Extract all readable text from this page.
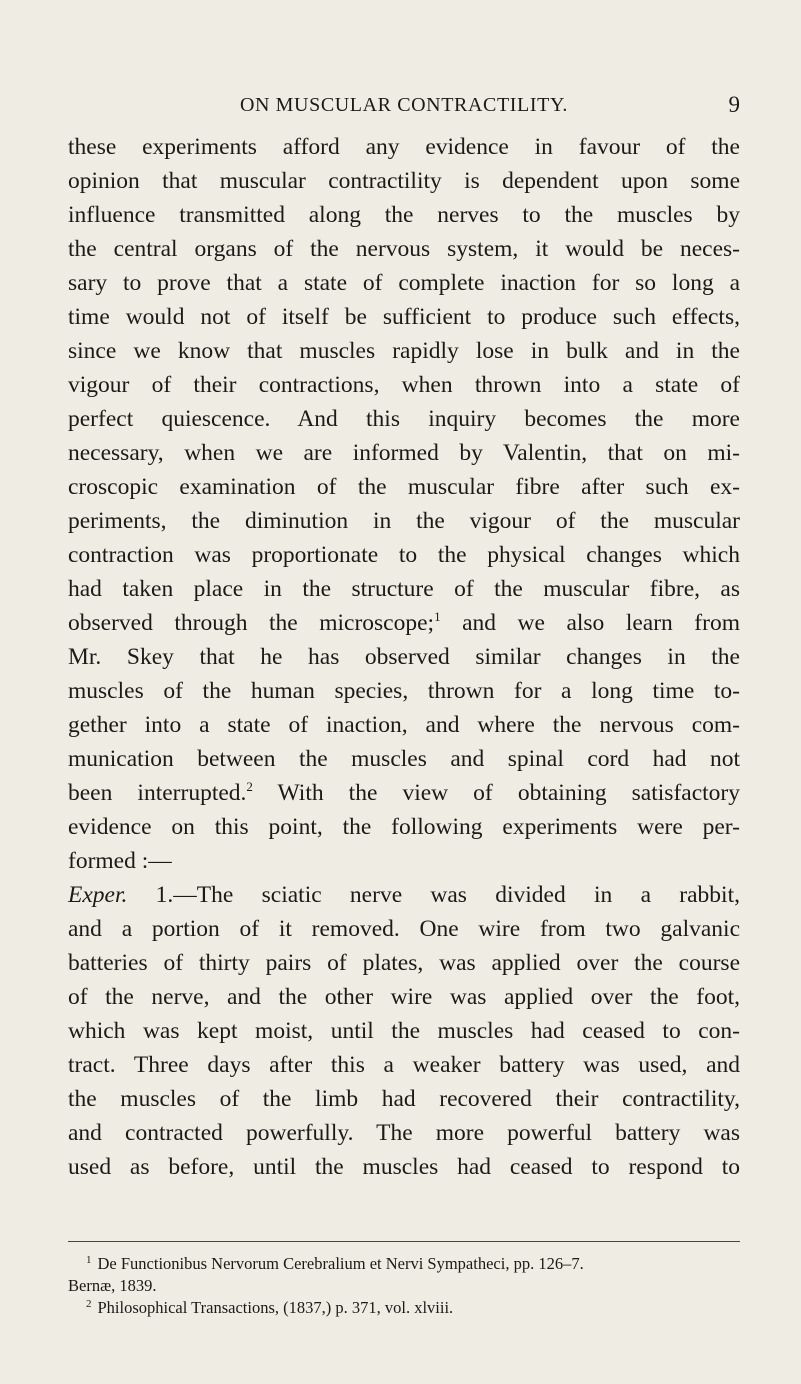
ON MUSCULAR CONTRACTILITY.	9
these experiments afford any evidence in favour of the
opinion that muscular contractility is dependent upon some
influence transmitted along the nerves to the muscles by
the central organs of the nervous system, it would be neces-
sary to prove that a state of complete inaction for so long a
time would not of itself be sufficient to produce such effects,
since we know that muscles rapidly lose in bulk and in the
vigour of their contractions, when thrown into a state of
perfect quiescence. And this inquiry becomes the more
necessary, when we are informed by Valentin, that on mi-
croscopic examination of the muscular fibre after such ex-
periments, the diminution in the vigour of the muscular
contraction was proportionate to the physical changes which
had taken place in the structure of the muscular fibre, as
observed through the microscope;$^1$ and we also learn from
Mr. Skey that he has observed similar changes in the
muscles of the human species, thrown for a long time to-
gether into a state of inaction, and where the nervous com-
munication between the muscles and spinal cord had not
been interrupted.$^2$ With the view of obtaining satisfactory
evidence on this point, the following experiments were per-
formed :—
Exper. 1.—The sciatic nerve was divided in a rabbit,
and a portion of it removed. One wire from two galvanic
batteries of thirty pairs of plates, was applied over the course
of the nerve, and the other wire was applied over the foot,
which was kept moist, until the muscles had ceased to con-
tract. Three days after this a weaker battery was used, and
the muscles of the limb had recovered their contractility,
and contracted powerfully. The more powerful battery was
used as before, until the muscles had ceased to respond to
$^1$ De Functionibus Nervorum Cerebralium et Nervi Sympatheci, pp. 126–7.
Bernæ, 1839.
$^2$ Philosophical Transactions, (1837,) p. 371, vol. xlviii.
